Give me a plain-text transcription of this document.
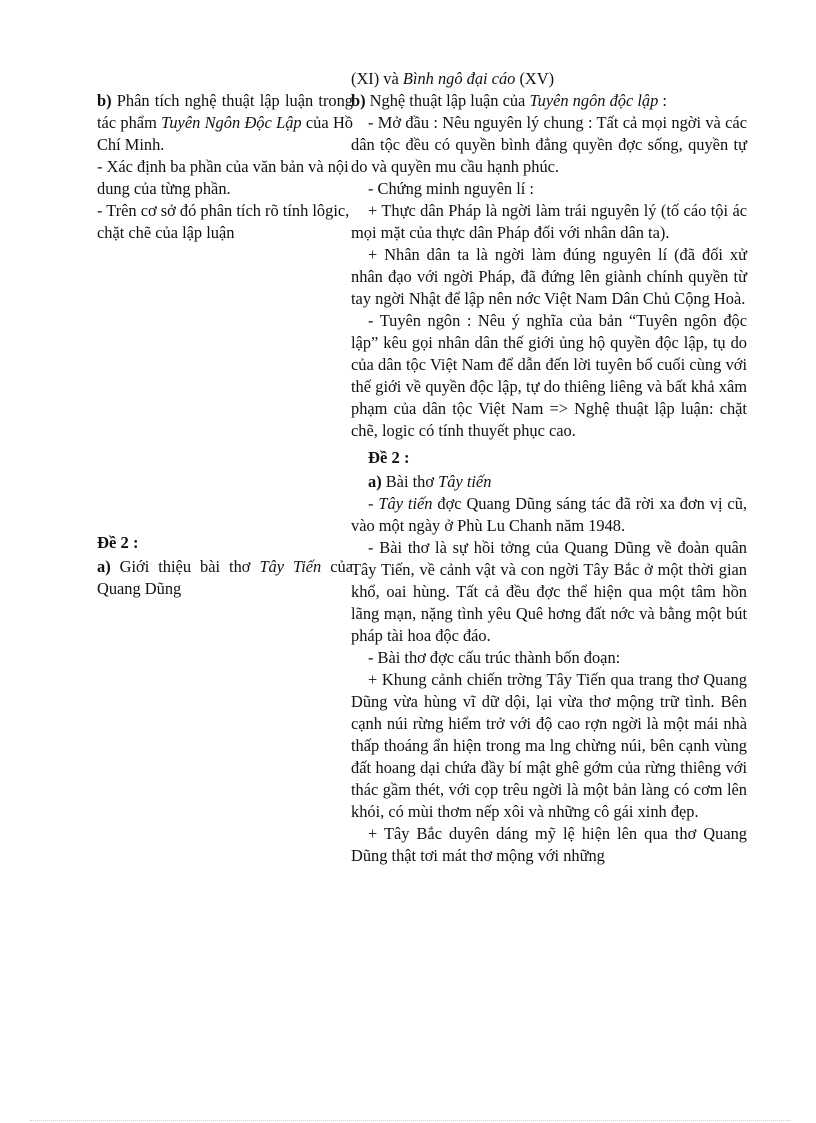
b) Phân tích nghệ thuật lập luận trong tác phẩm Tuyên Ngôn Độc Lập của Hồ Chí Minh.

- Xác định ba phần của văn bản và nội dung của từng phần.

- Trên cơ sở đó phân tích rõ tính lôgic, chặt chẽ của lập luận

Đề 2 :

a) Giới thiệu bài thơ Tây Tiến của Quang Dũng

(XI) và Bình ngô đại cáo (XV)

b) Nghệ thuật lập luận của Tuyên ngôn độc lập :

- Mở đầu : Nêu nguyên lý chung : Tất cả mọi ngời và các dân tộc đều có quyền bình đẳng quyền đợc sống, quyền tự do và quyền mu cầu hạnh phúc.

- Chứng minh nguyên lí :

+ Thực dân Pháp là ngời làm trái nguyên lý (tố cáo tội ác mọi mặt của thực dân Pháp đối với nhân dân ta).

+ Nhân dân ta là ngời làm đúng nguyên lí (đã đối xử nhân đạo với ngời Pháp, đã đứng lên giành chính quyền từ tay ngời Nhật để lập nên nớc Việt Nam Dân Chủ Cộng Hoà.

- Tuyên ngôn : Nêu ý nghĩa của bản “Tuyên ngôn độc lập” kêu gọi nhân dân thế giới ủng hộ quyền độc lập, tụ do của dân tộc Việt Nam để dẫn đến lời tuyên bố cuối cùng với thế giới về quyền độc lập, tự do thiêng liêng và bất khả xâm phạm của dân tộc Việt Nam => Nghệ thuật lập luận: chặt chẽ, logic có tính thuyết phục cao.

Đề 2 :

a) Bài thơ Tây tiến

- Tây tiến đợc Quang Dũng sáng tác đã rời xa đơn vị cũ, vào một ngày ở Phù Lu Chanh năm 1948.

- Bài thơ là sự hồi tởng của Quang Dũng về đoàn quân Tây Tiến, về cảnh vật và con ngời Tây Bắc ở một thời gian khổ, oai hùng. Tất cả đều đợc thể hiện qua một tâm hồn lãng mạn, nặng tình yêu Quê hơng đất nớc và bằng một bút pháp tài hoa độc đáo.

- Bài thơ đợc cấu trúc thành bốn đoạn:

+ Khung cảnh chiến trờng Tây Tiến qua trang thơ Quang Dũng vừa hùng vĩ dữ dội, lại vừa thơ mộng trữ tình. Bên cạnh núi rừng hiểm trở với độ cao rợn ngời là một mái nhà thấp thoáng ẩn hiện trong ma lng chừng núi, bên cạnh vùng đất hoang dại chứa đầy bí mật ghê gớm của rừng thiêng với thác gầm thét, với cọp trêu ngời là một bản làng có cơm lên khói, có mùi thơm nếp xôi và những cô gái xinh đẹp.

+ Tây Bắc duyên dáng mỹ lệ hiện lên qua thơ Quang Dũng thật tơi mát thơ mộng với những
